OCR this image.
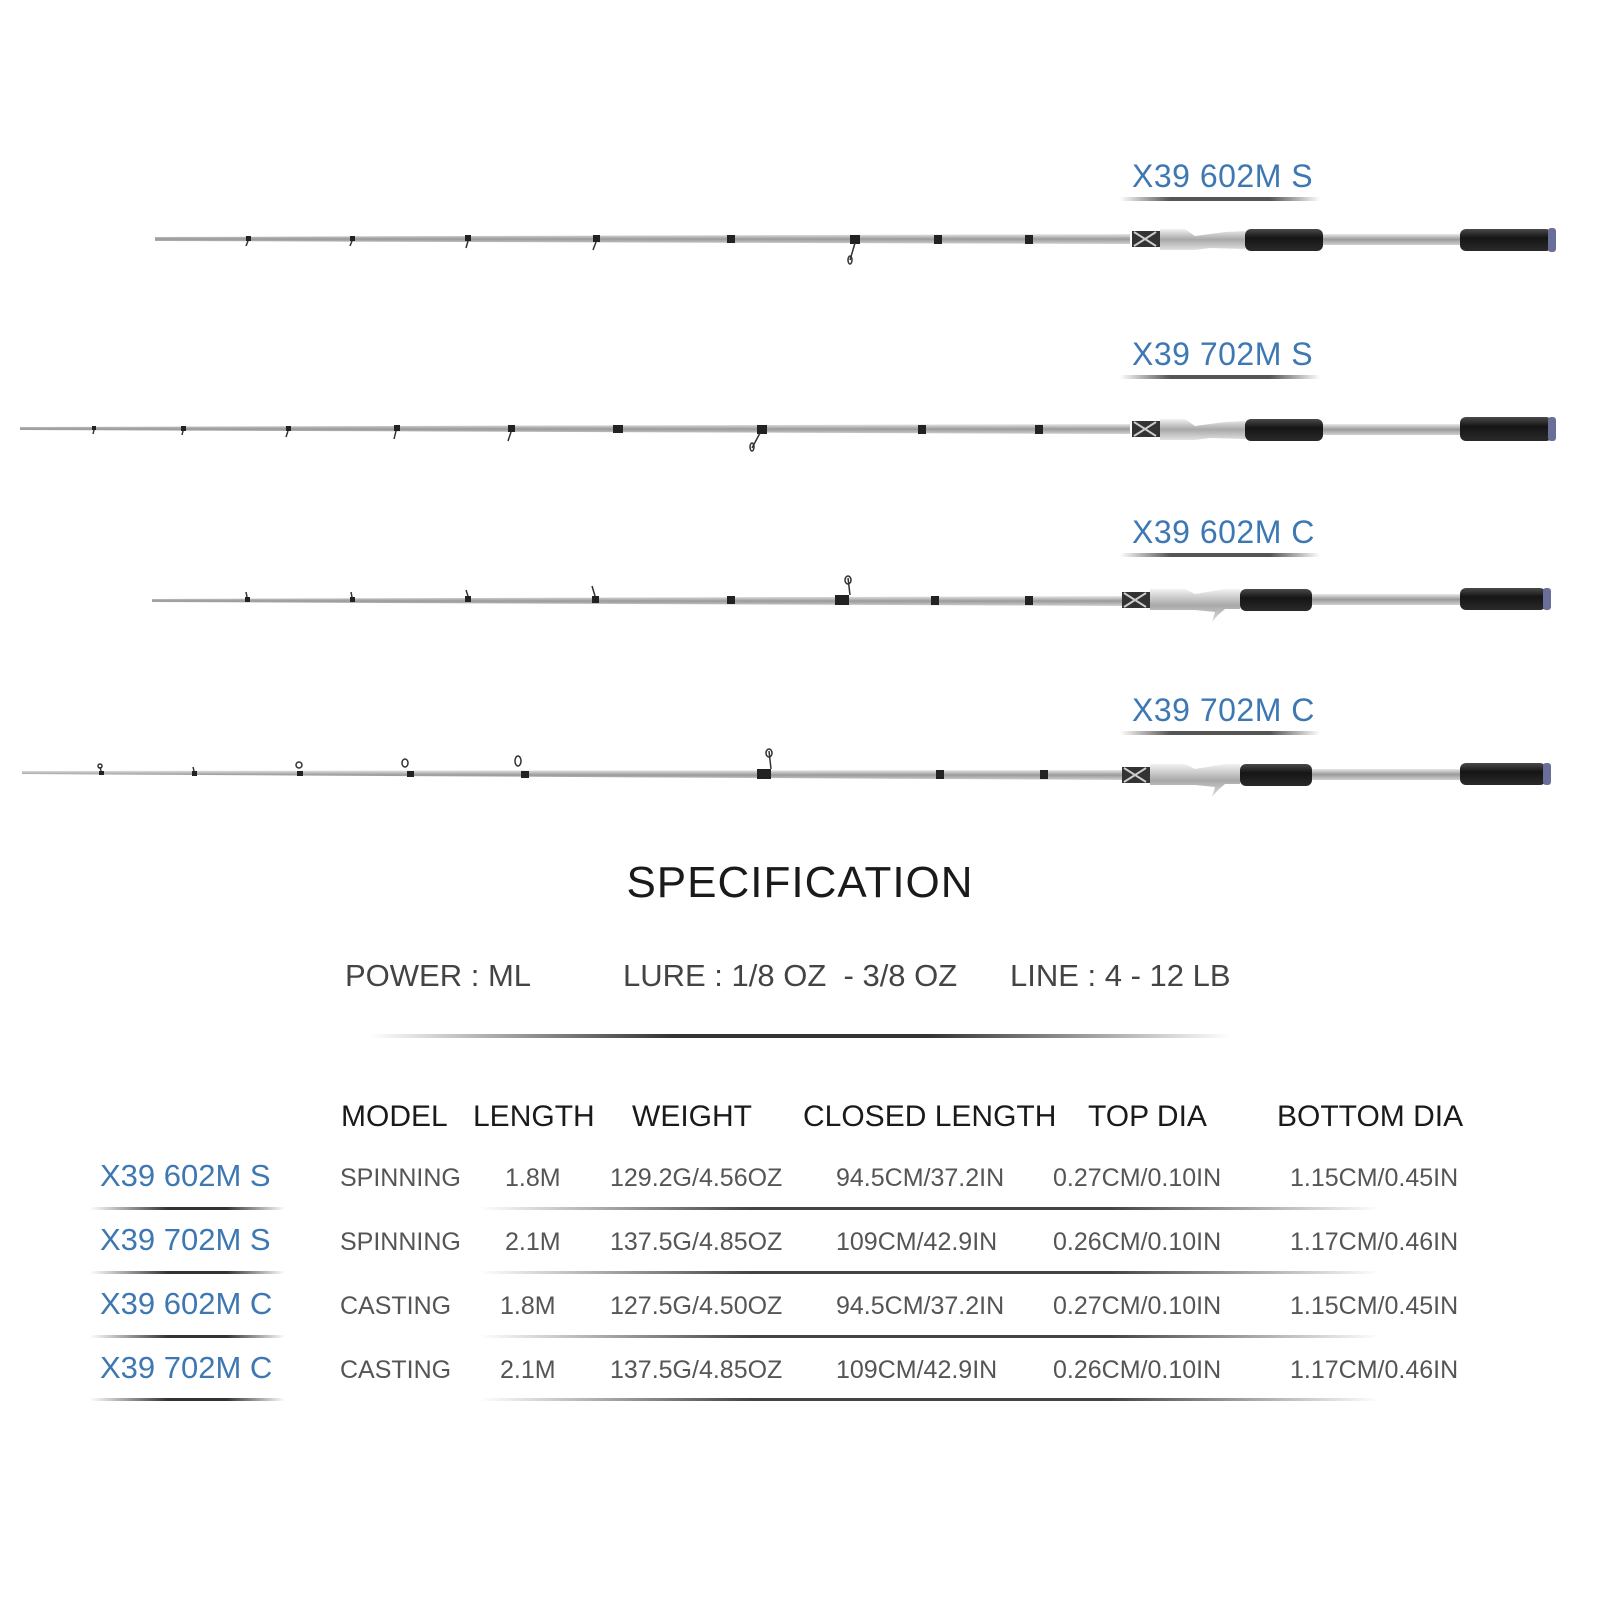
X39 602M S
X39 702M S
X39 602M C
X39 702M C
SPECIFICATION
POWER : ML	LURE : 1/8 OZ  - 3/8 OZ LINE : 4 - 12 LB
MODEL LENGTH WEIGHT CLOSED LENGTH TOP DIA BOTTOM DIA
X39 602M S	SPINNING 1.8M 129.2G/4.56OZ 94.5CM/37.2IN 0.27CM/0.10IN	1.15CM/0.45IN
X39 702M S	SPINNING 2.1M 137.5G/4.85OZ 109CM/42.9IN 0.26CM/0.10IN	1.17CM/0.46IN
X39 602M C	CASTING 1.8M 127.5G/4.50OZ 94.5CM/37.2IN 0.27CM/0.10IN	1.15CM/0.45IN
X39 702M C	CASTING 2.1M 137.5G/4.85OZ 109CM/42.9IN 0.26CM/0.10IN	1.17CM/0.46IN
